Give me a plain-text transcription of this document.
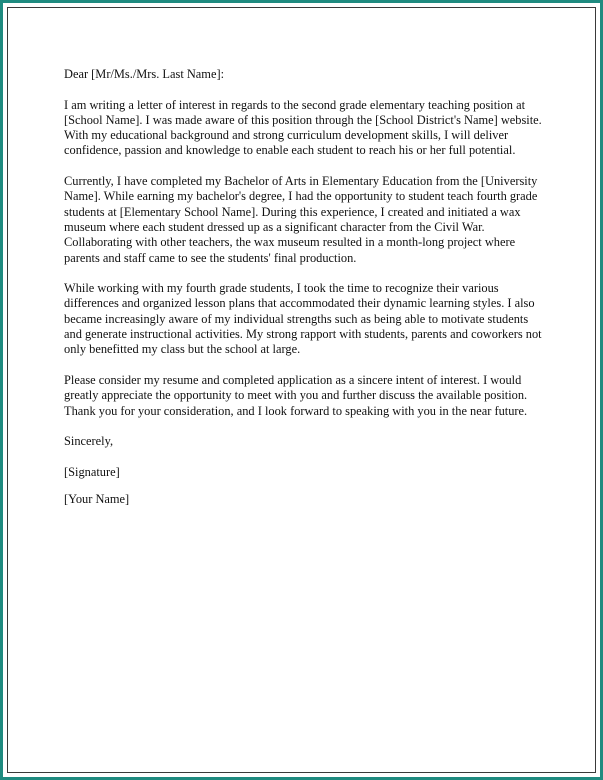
Dear [Mr/Ms./Mrs. Last Name]:

I am writing a letter of interest in regards to the second grade elementary teaching position at [School Name]. I was made aware of this position through the [School District's Name] website. With my educational background and strong curriculum development skills, I will deliver confidence, passion and knowledge to enable each student to reach his or her full potential.

Currently, I have completed my Bachelor of Arts in Elementary Education from the [University Name]. While earning my bachelor's degree, I had the opportunity to student teach fourth grade students at [Elementary School Name]. During this experience, I created and initiated a wax museum where each student dressed up as a significant character from the Civil War. Collaborating with other teachers, the wax museum resulted in a month-long project where parents and staff came to see the students' final production.

While working with my fourth grade students, I took the time to recognize their various differences and organized lesson plans that accommodated their dynamic learning styles. I also became increasingly aware of my individual strengths such as being able to motivate students and generate instructional activities. My strong rapport with students, parents and coworkers not only benefitted my class but the school at large.

Please consider my resume and completed application as a sincere intent of interest. I would greatly appreciate the opportunity to meet with you and further discuss the available position. Thank you for your consideration, and I look forward to speaking with you in the near future.

Sincerely,

[Signature]

[Your Name]
